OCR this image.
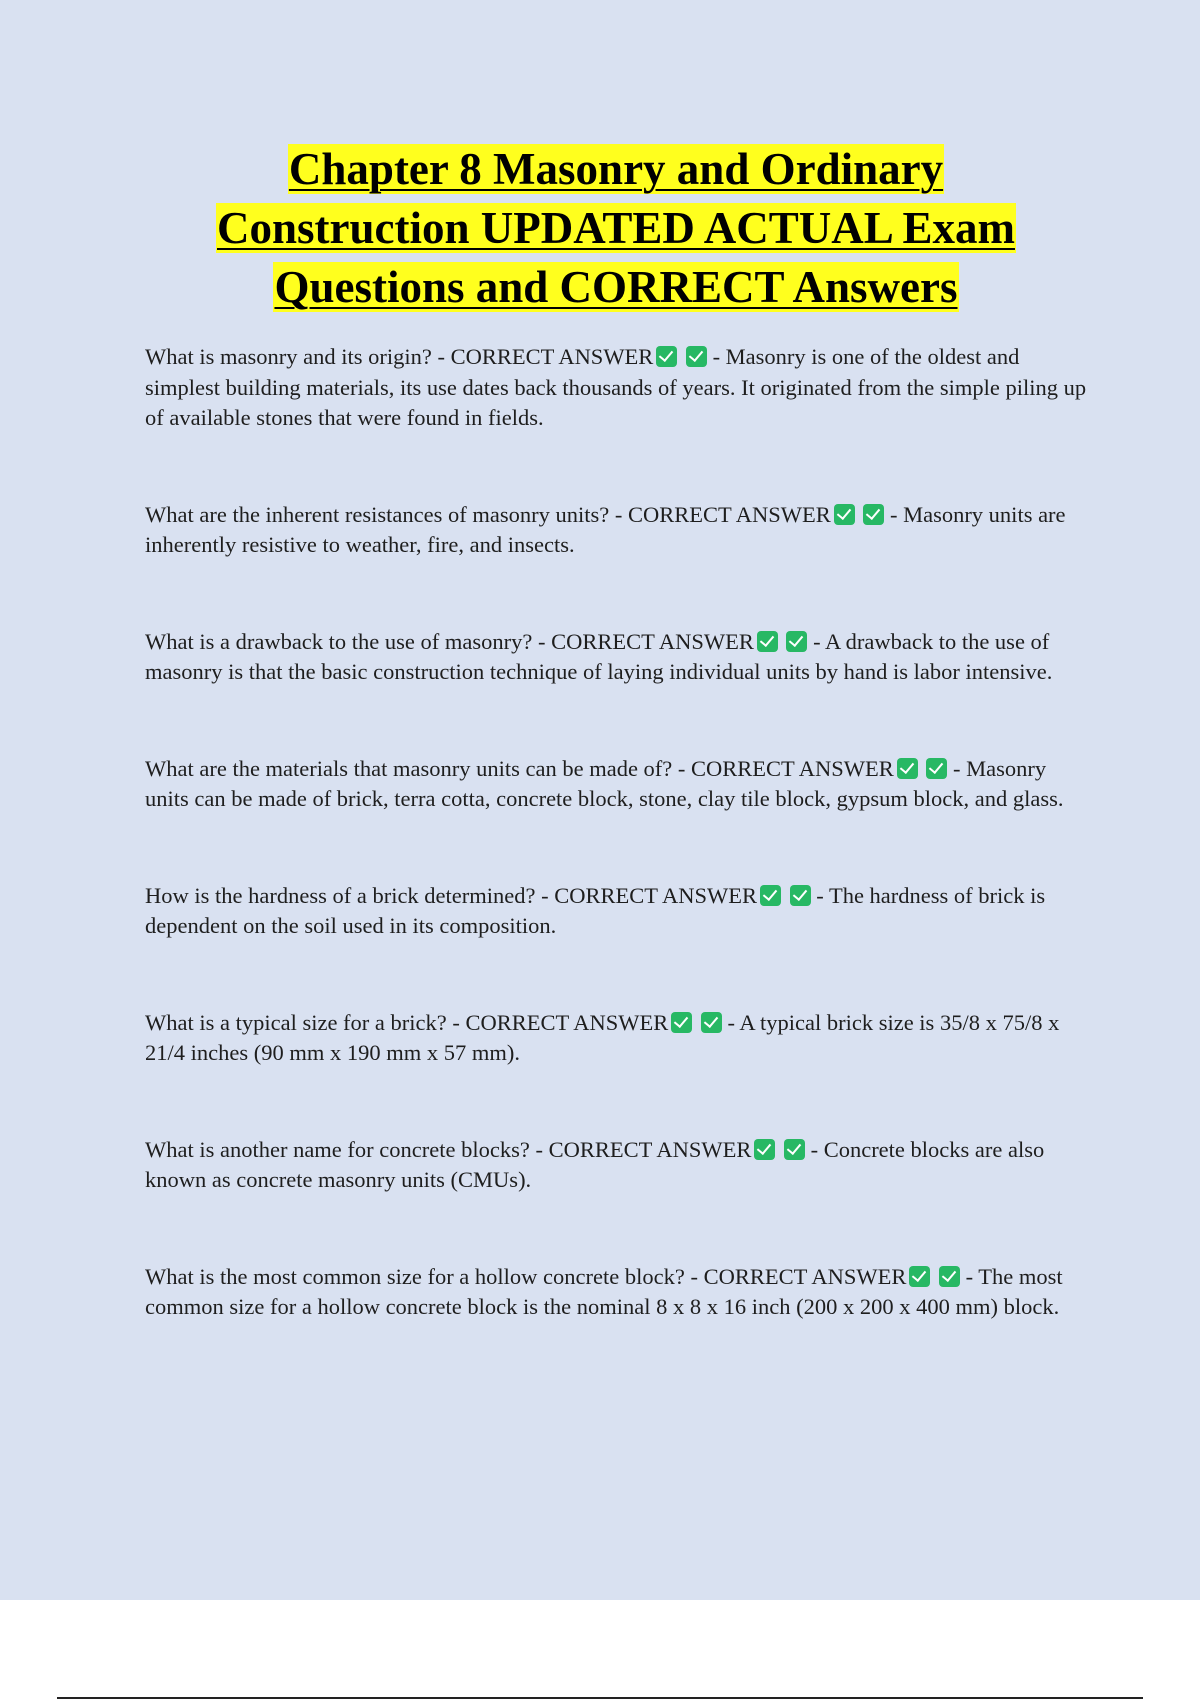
Chapter 8 Masonry and Ordinary
Construction UPDATED ACTUAL Exam
Questions and CORRECT Answers

What is masonry and its origin? - CORRECT ANSWER	- Masonry is one of the oldest and simplest building materials, its use dates back thousands of years. It originated from the simple piling up of available stones that were found in fields.

What are the inherent resistances of masonry units? - CORRECT ANSWER	- Masonry units are inherently resistive to weather, fire, and insects.

What is a drawback to the use of masonry? - CORRECT ANSWER	- A drawback to the use of masonry is that the basic construction technique of laying individual units by hand is labor intensive.

What are the materials that masonry units can be made of? - CORRECT ANSWER	- Masonry units can be made of brick, terra cotta, concrete block, stone, clay tile block, gypsum block, and glass.

How is the hardness of a brick determined? - CORRECT ANSWER	- The hardness of brick is dependent on the soil used in its composition.

What is a typical size for a brick? - CORRECT ANSWER	- A typical brick size is 35/8 x 75/8 x 21/4 inches (90 mm x 190 mm x 57 mm).

What is another name for concrete blocks? - CORRECT ANSWER	- Concrete blocks are also known as concrete masonry units (CMUs).

What is the most common size for a hollow concrete block? - CORRECT ANSWER	- The most common size for a hollow concrete block is the nominal 8 x 8 x 16 inch (200 x 200 x 400 mm) block.
